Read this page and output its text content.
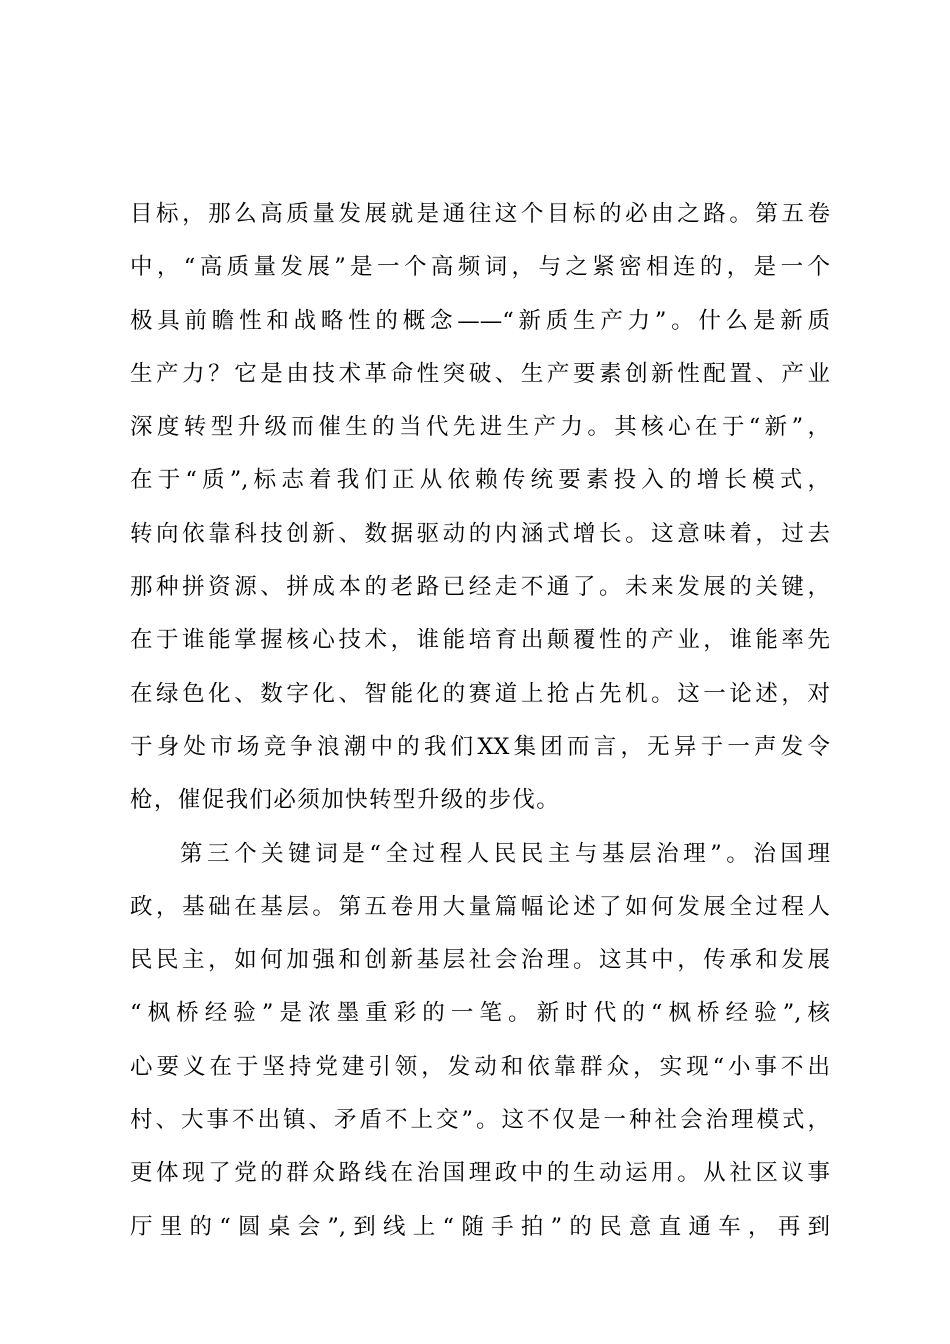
目标，那么高质量发展就是通往这个目标的必由之路。第五卷
中，“高质量发展”是一个高频词，与之紧密相连的，是一个
极具前瞻性和战略性的概念——“新质生产力”。什么是新质
生产力？它是由技术革命性突破、生产要素创新性配置、产业
深度转型升级而催生的当代先进生产力。其核心在于“新”，
在于“质”,标志着我们正从依赖传统要素投入的增长模式，
转向依靠科技创新、数据驱动的内涵式增长。这意味着，过去
那种拼资源、拼成本的老路已经走不通了。未来发展的关键，
在于谁能掌握核心技术，谁能培育出颠覆性的产业，谁能率先
在绿色化、数字化、智能化的赛道上抢占先机。这一论述，对
于身处市场竞争浪潮中的我们XX集团而言，无异于一声发令
枪，催促我们必须加快转型升级的步伐。
第三个关键词是“全过程人民民主与基层治理”。治国理
政，基础在基层。第五卷用大量篇幅论述了如何发展全过程人
民民主，如何加强和创新基层社会治理。这其中，传承和发展
“枫桥经验”是浓墨重彩的一笔。新时代的“枫桥经验”,核
心要义在于坚持党建引领，发动和依靠群众，实现“小事不出
村、大事不出镇、矛盾不上交”。这不仅是一种社会治理模式，
更体现了党的群众路线在治国理政中的生动运用。从社区议事
厅里的“圆桌会”,到线上“随手拍”的民意直通车，再到
